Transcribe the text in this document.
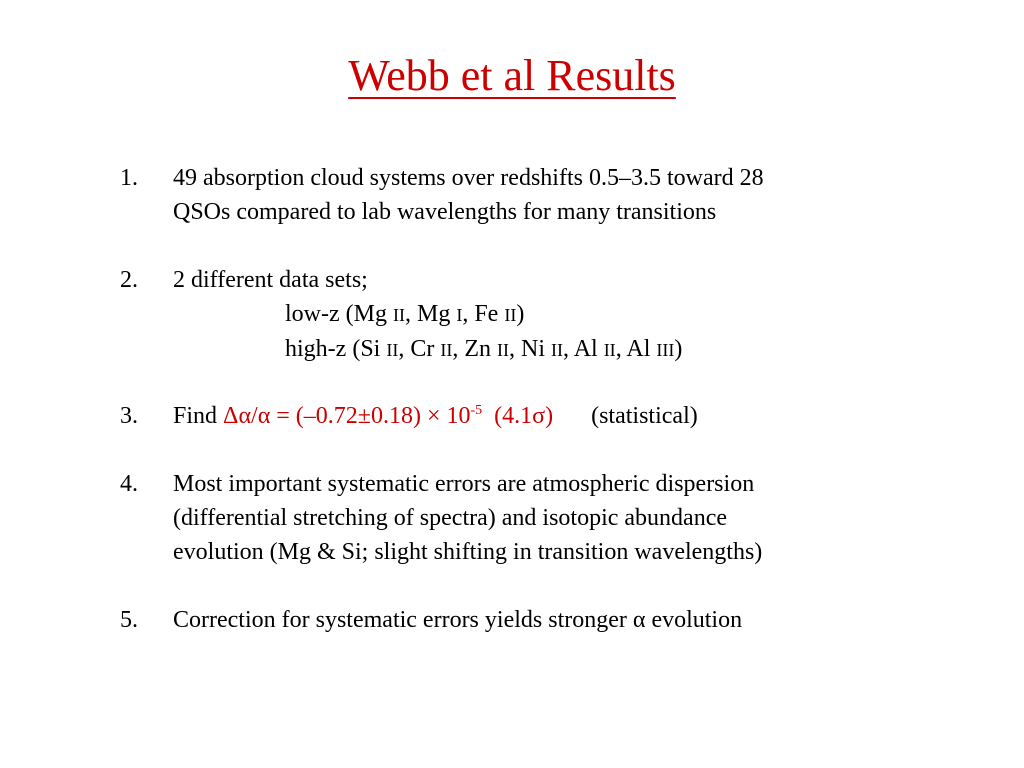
Webb et al Results
1.	49 absorption cloud systems over redshifts 0.5–3.5 toward 28
QSOs compared to lab wavelengths for many transitions
2.	2 different data sets;
low-z (Mg II, Mg I, Fe II)
high-z (Si II, Cr II, Zn II, Ni II, Al II, Al III)
3.	Find $\Delta\alpha/\alpha = (-0.72\pm 0.18) \times 10^{-5}$  (4.1σ) (statistical)
4.	Most important systematic errors are atmospheric dispersion
(differential stretching of spectra) and isotopic abundance
evolution (Mg & Si; slight shifting in transition wavelengths)
5.	Correction for systematic errors yields stronger α evolution
